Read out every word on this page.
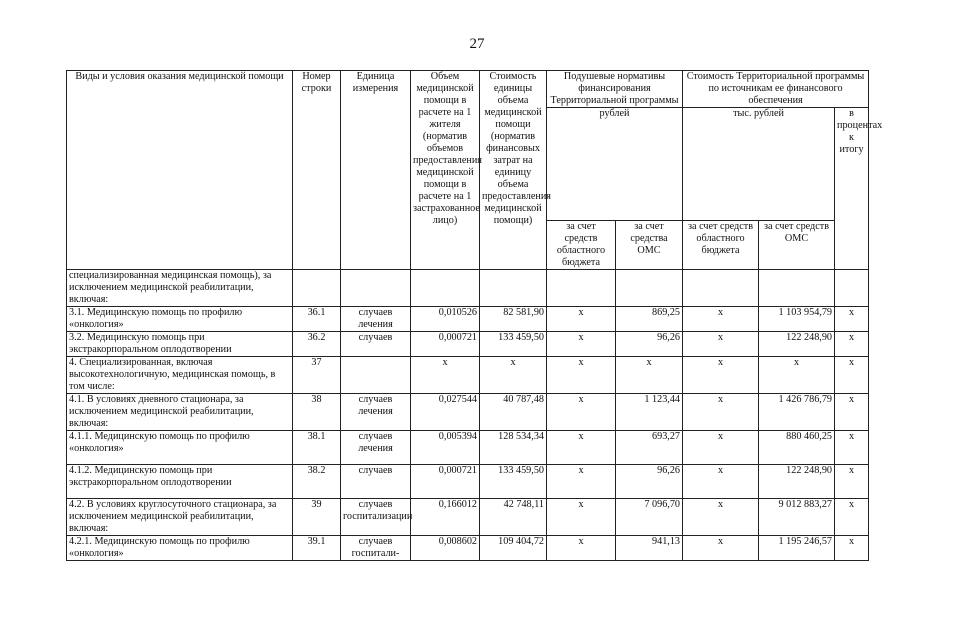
27
Виды и условия оказания медицинской помощи	Номер строки	Единица измерения	Объем медицинской помощи в расчете на 1 жителя (норматив объемов предоставления медицинской помощи в расчете на 1 застрахованное лицо)	Стоимость единицы объема медицинской помощи (норматив финансовых затрат на единицу объема предоставления медицинской помощи)	Подушевые нормативы финансирования Территориальной программы		Стоимость Территориальной программы по источникам ее финансового обеспечения		
					рублей		тыс. рублей		в процентах к итогу
					за счет средств областного бюджета	за счет средства ОМС	за счет средств областного бюджета	за счет средств ОМС	
специализированная медицинская помощь), за исключением медицинской реабилитации, включая:									
3.1. Медицинскую помощь по профилю «онкология»	36.1	случаев лечения	0,010526	82 581,90	x	869,25	x	1 103 954,79	x
3.2. Медицинскую помощь при экстракорпоральном оплодотворении	36.2	случаев	0,000721	133 459,50	x	96,26	x	122 248,90	x
4. Специализированная, включая высокотехнологичную, медицинская помощь, в том числе:	37		x	x	x	x	x	x	x
4.1. В условиях дневного стационара, за исключением медицинской реабилитации, включая:	38	случаев лечения	0,027544	40 787,48	x	1 123,44	x	1 426 786,79	x
4.1.1. Медицинскую помощь по профилю «онкология»	38.1	случаев лечения	0,005394	128 534,34	x	693,27	x	880 460,25	x
4.1.2. Медицинскую помощь при экстракорпоральном оплодотворении	38.2	случаев	0,000721	133 459,50	x	96,26	x	122 248,90	x
4.2. В условиях круглосуточного стационара, за исключением медицинской реабилитации, включая:	39	случаев госпитализации	0,166012	42 748,11	x	7 096,70	x	9 012 883,27	x
4.2.1. Медицинскую помощь по профилю «онкология»	39.1	случаев госпитали-	0,008602	109 404,72	x	941,13	x	1 195 246,57	x
